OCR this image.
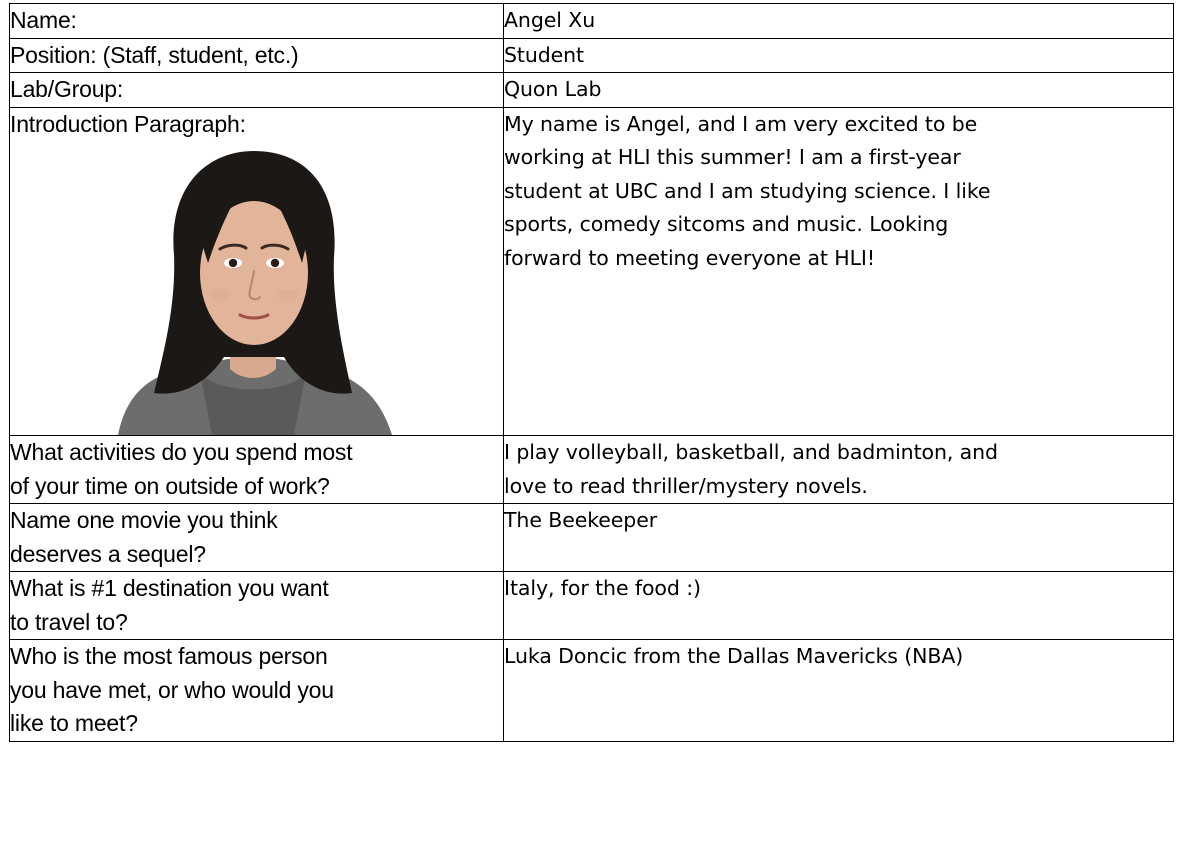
Name:	Angel Xu

Position: (Staff, student, etc.)	Student

Lab/Group:	Quon Lab

Introduction Paragraph:	My name is Angel, and I am very excited to be
working at HLI this summer! I am a first-year
student at UBC and I am studying science. I like
sports, comedy sitcoms and music. Looking
forward to meeting everyone at HLI!

What activities do you spend most
of your time on outside of work?	I play volleyball, basketball, and badminton, and
love to read thriller/mystery novels.

Name one movie you think
deserves a sequel?	The Beekeeper

What is #1 destination you want
to travel to?	Italy, for the food :)

Who is the most famous person
you have met, or who would you
like to meet?	Luka Doncic from the Dallas Mavericks (NBA)
